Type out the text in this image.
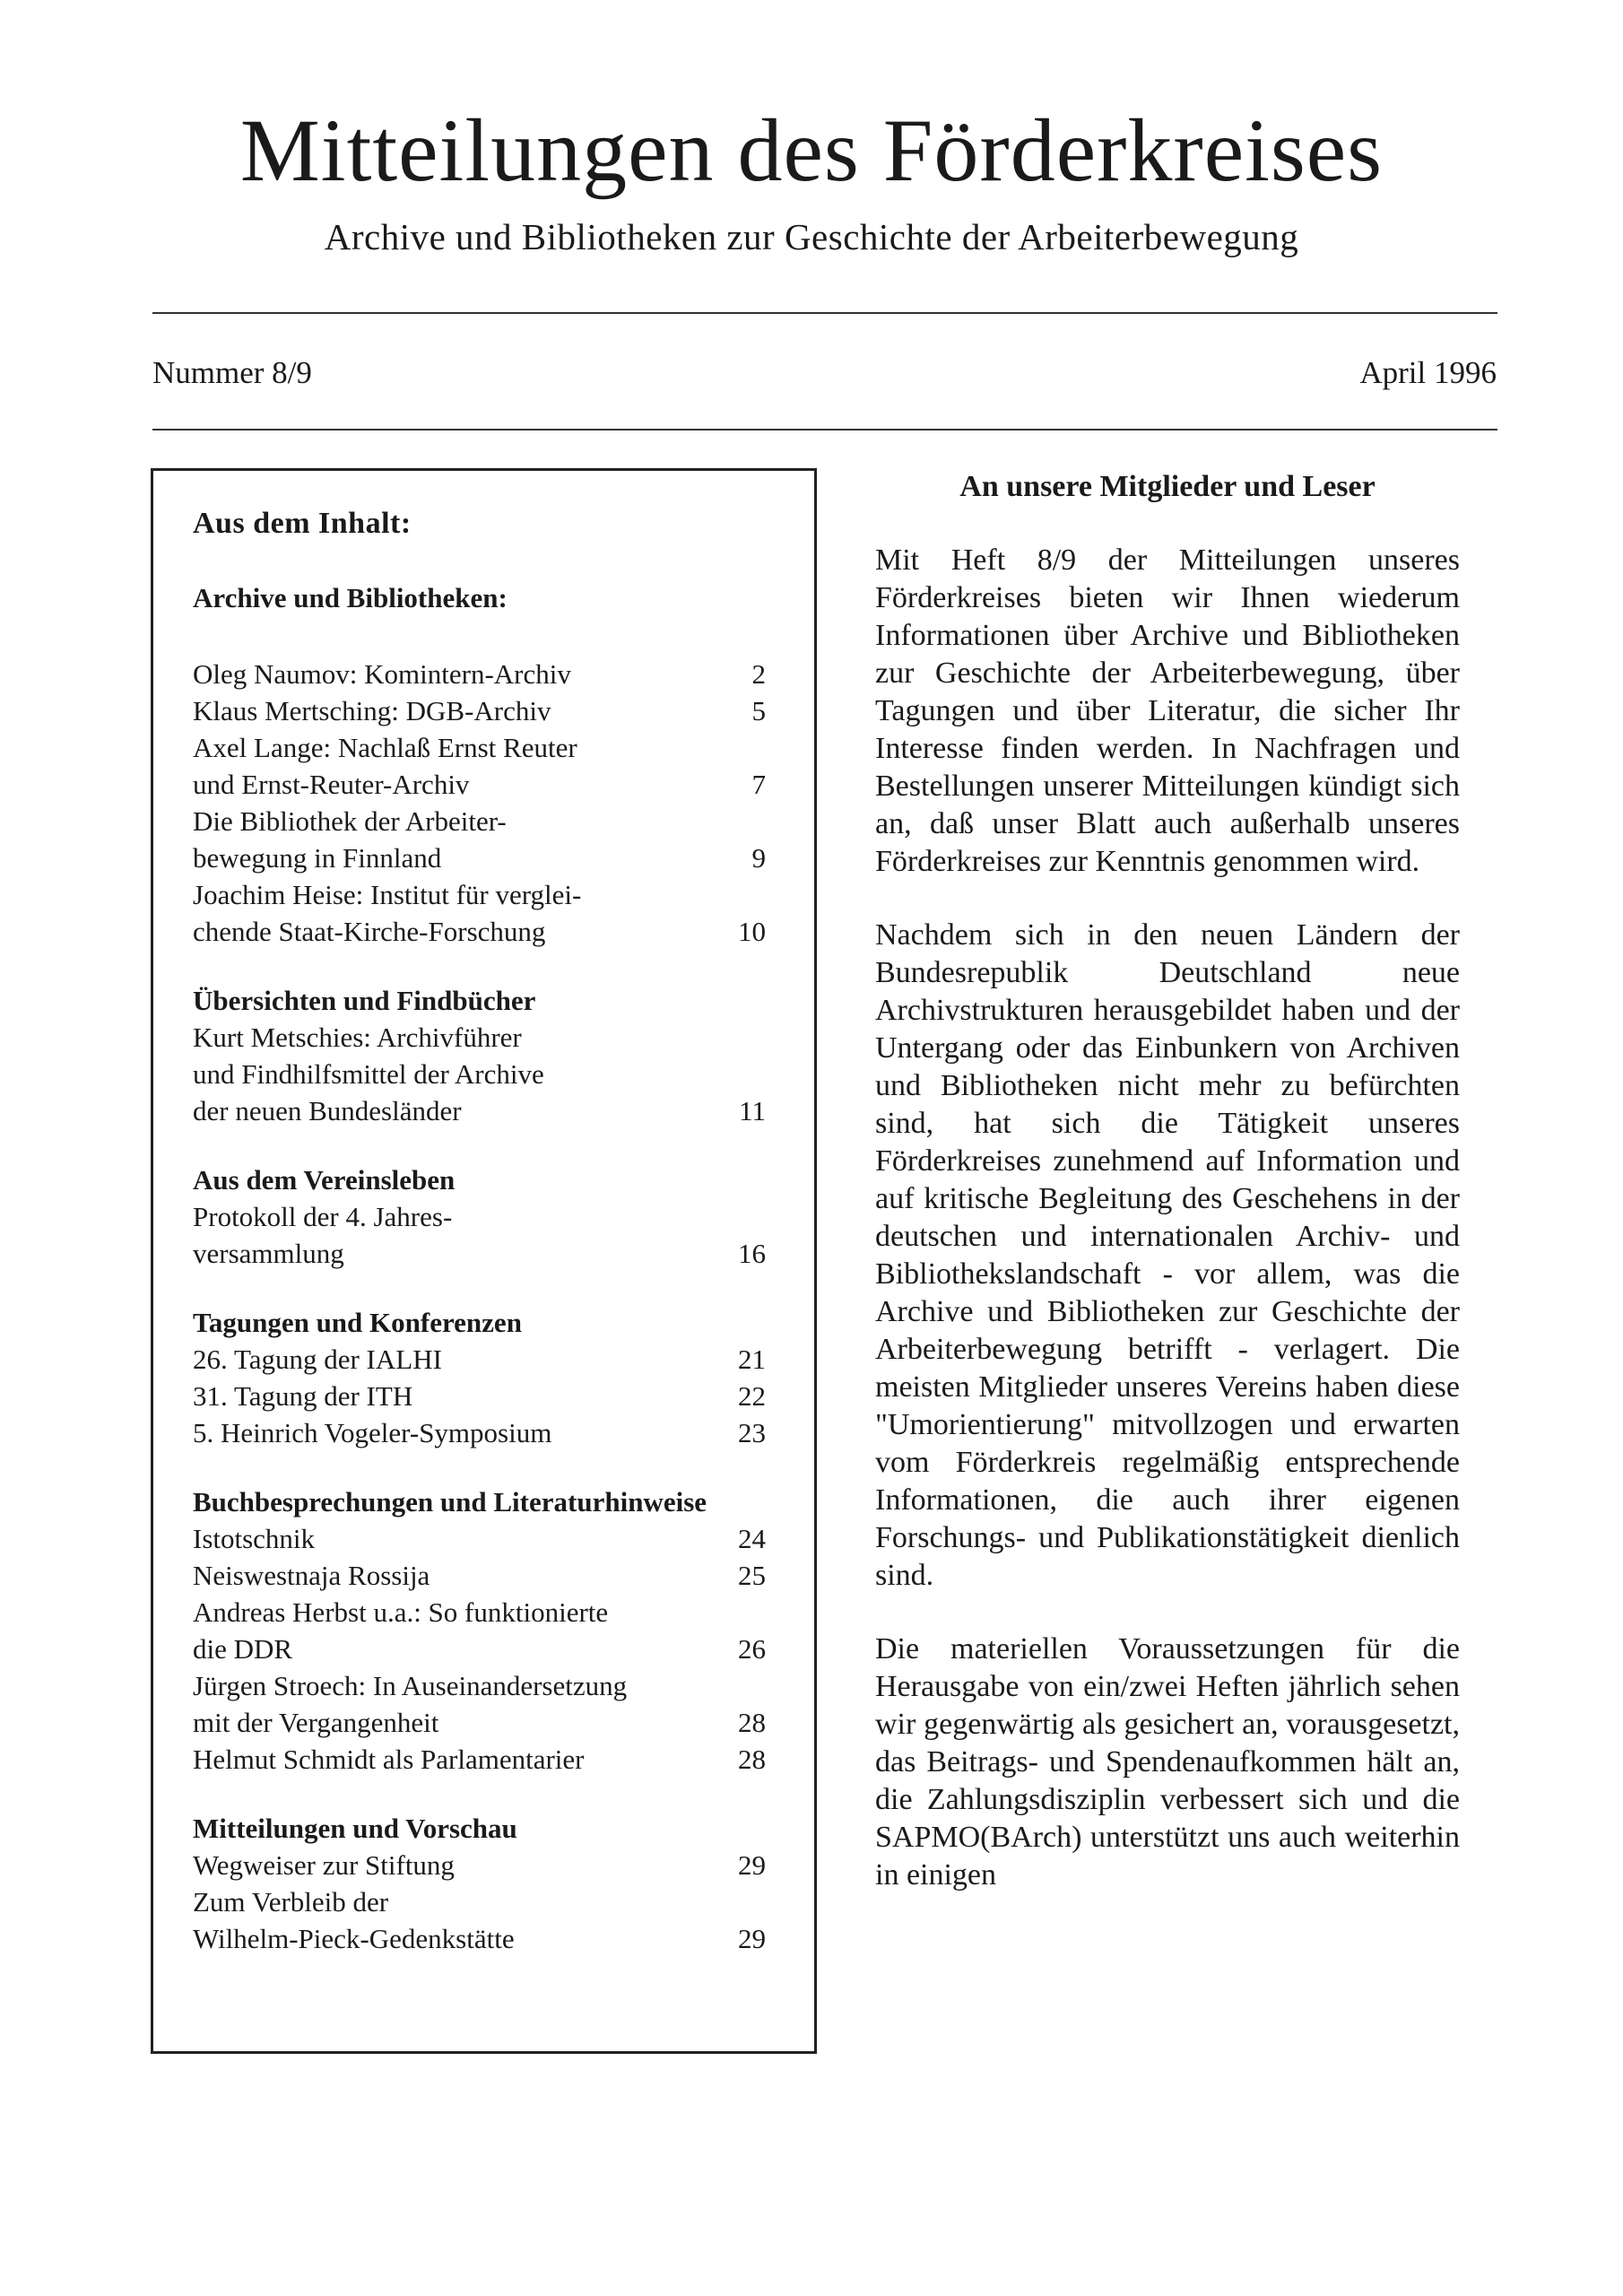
Mitteilungen des Förderkreises
Archive und Bibliotheken zur Geschichte der Arbeiterbewegung
Nummer 8/9	April 1996
Aus dem Inhalt:
Archive und Bibliotheken:
Oleg Naumov: Komintern-Archiv	2
Klaus Mertsching: DGB-Archiv	5
Axel Lange: Nachlaß Ernst Reuter
und Ernst-Reuter-Archiv	7
Die Bibliothek der Arbeiter-
bewegung in Finnland	9
Joachim Heise: Institut für verglei-
chende Staat-Kirche-Forschung	10
Übersichten und Findbücher
Kurt Metschies: Archivführer
und Findhilfsmittel der Archive
der neuen Bundesländer	11
Aus dem Vereinsleben
Protokoll der 4. Jahres-
versammlung	16
Tagungen und Konferenzen
26. Tagung der IALHI	21
31. Tagung der ITH	22
5. Heinrich Vogeler-Symposium	23
Buchbesprechungen und Literaturhinweise
Istotschnik	24
Neiswestnaja Rossija	25
Andreas Herbst u.a.: So funktionierte
die DDR	26
Jürgen Stroech: In Auseinandersetzung
mit der Vergangenheit	28
Helmut Schmidt als Parlamentarier	28
Mitteilungen und Vorschau
Wegweiser zur Stiftung	29
Zum Verbleib der
Wilhelm-Pieck-Gedenkstätte	29
An unsere Mitglieder und Leser

Mit Heft 8/9 der Mitteilungen unseres Förderkreises bieten wir Ihnen wiederum Informationen über Archive und Bibliotheken zur Geschichte der Arbeiterbewegung, über Tagungen und über Literatur, die sicher Ihr Interesse finden werden. In Nachfragen und Bestellungen unserer Mitteilungen kündigt sich an, daß unser Blatt auch außerhalb unseres Förderkreises zur Kenntnis genommen wird.

Nachdem sich in den neuen Ländern der Bundesrepublik Deutschland neue Archivstrukturen herausgebildet haben und der Untergang oder das Einbunkern von Archiven und Bibliotheken nicht mehr zu befürchten sind, hat sich die Tätigkeit unseres Förderkreises zunehmend auf Information und auf kritische Begleitung des Geschehens in der deutschen und internationalen Archiv- und Bibliothekslandschaft - vor allem, was die Archive und Bibliotheken zur Geschichte der Arbeiterbewegung betrifft - verlagert. Die meisten Mitglieder unseres Vereins haben diese "Umorientierung" mitvollzogen und erwarten vom Förderkreis regelmäßig entsprechende Informationen, die auch ihrer eigenen Forschungs- und Publikationstätigkeit dienlich sind.

Die materiellen Voraussetzungen für die Herausgabe von ein/zwei Heften jährlich sehen wir gegenwärtig als gesichert an, vorausgesetzt, das Beitrags- und Spendenaufkommen hält an, die Zahlungsdisziplin verbessert sich und die SAPMO(BArch) unterstützt uns auch weiterhin in einigen
